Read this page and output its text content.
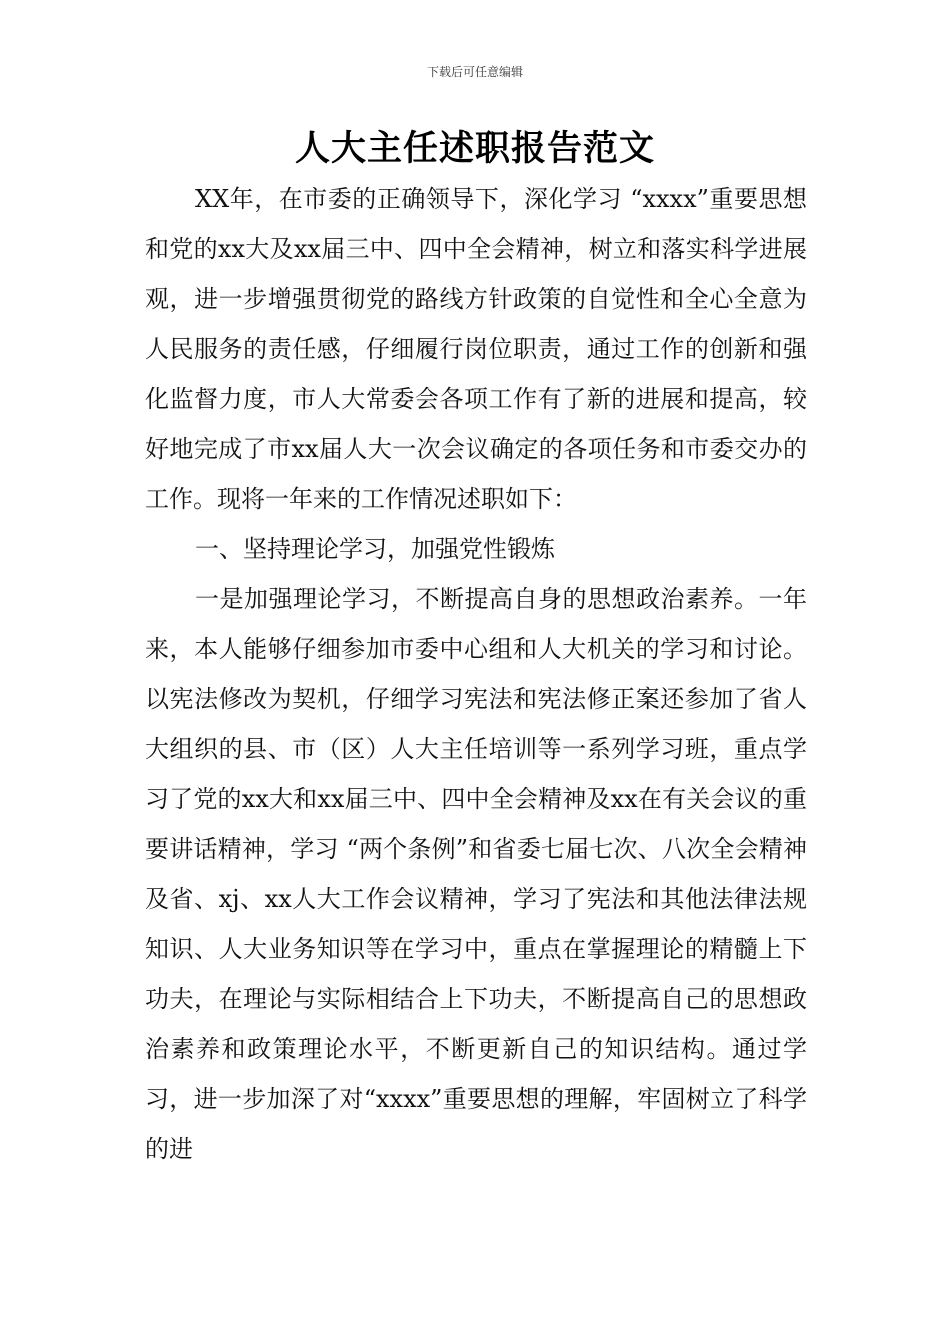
下载后可任意编辑
人大主任述职报告范文

XX年，在市委的正确领导下，深化学习 “xxxx”重要思想和党的xx大及xx届三中、四中全会精神，树立和落实科学进展观，进一步增强贯彻党的路线方针政策的自觉性和全心全意为人民服务的责任感，仔细履行岗位职责，通过工作的创新和强化监督力度，市人大常委会各项工作有了新的进展和提高，较好地完成了市xx届人大一次会议确定的各项任务和市委交办的工作。现将一年来的工作情况述职如下：

一、坚持理论学习，加强党性锻炼

一是加强理论学习，不断提高自身的思想政治素养。一年来，本人能够仔细参加市委中心组和人大机关的学习和讨论。以宪法修改为契机，仔细学习宪法和宪法修正案还参加了省人大组织的县、市（区）人大主任培训等一系列学习班，重点学习了党的xx大和xx届三中、四中全会精神及xx在有关会议的重要讲话精神，学习 “两个条例”和省委七届七次、八次全会精神及省、xj、xx人大工作会议精神，学习了宪法和其他法律法规知识、人大业务知识等在学习中，重点在掌握理论的精髓上下功夫，在理论与实际相结合上下功夫，不断提高自己的思想政治素养和政策理论水平，不断更新自己的知识结构。通过学习，进一步加深了对“xxxx”重要思想的理解，牢固树立了科学的进
